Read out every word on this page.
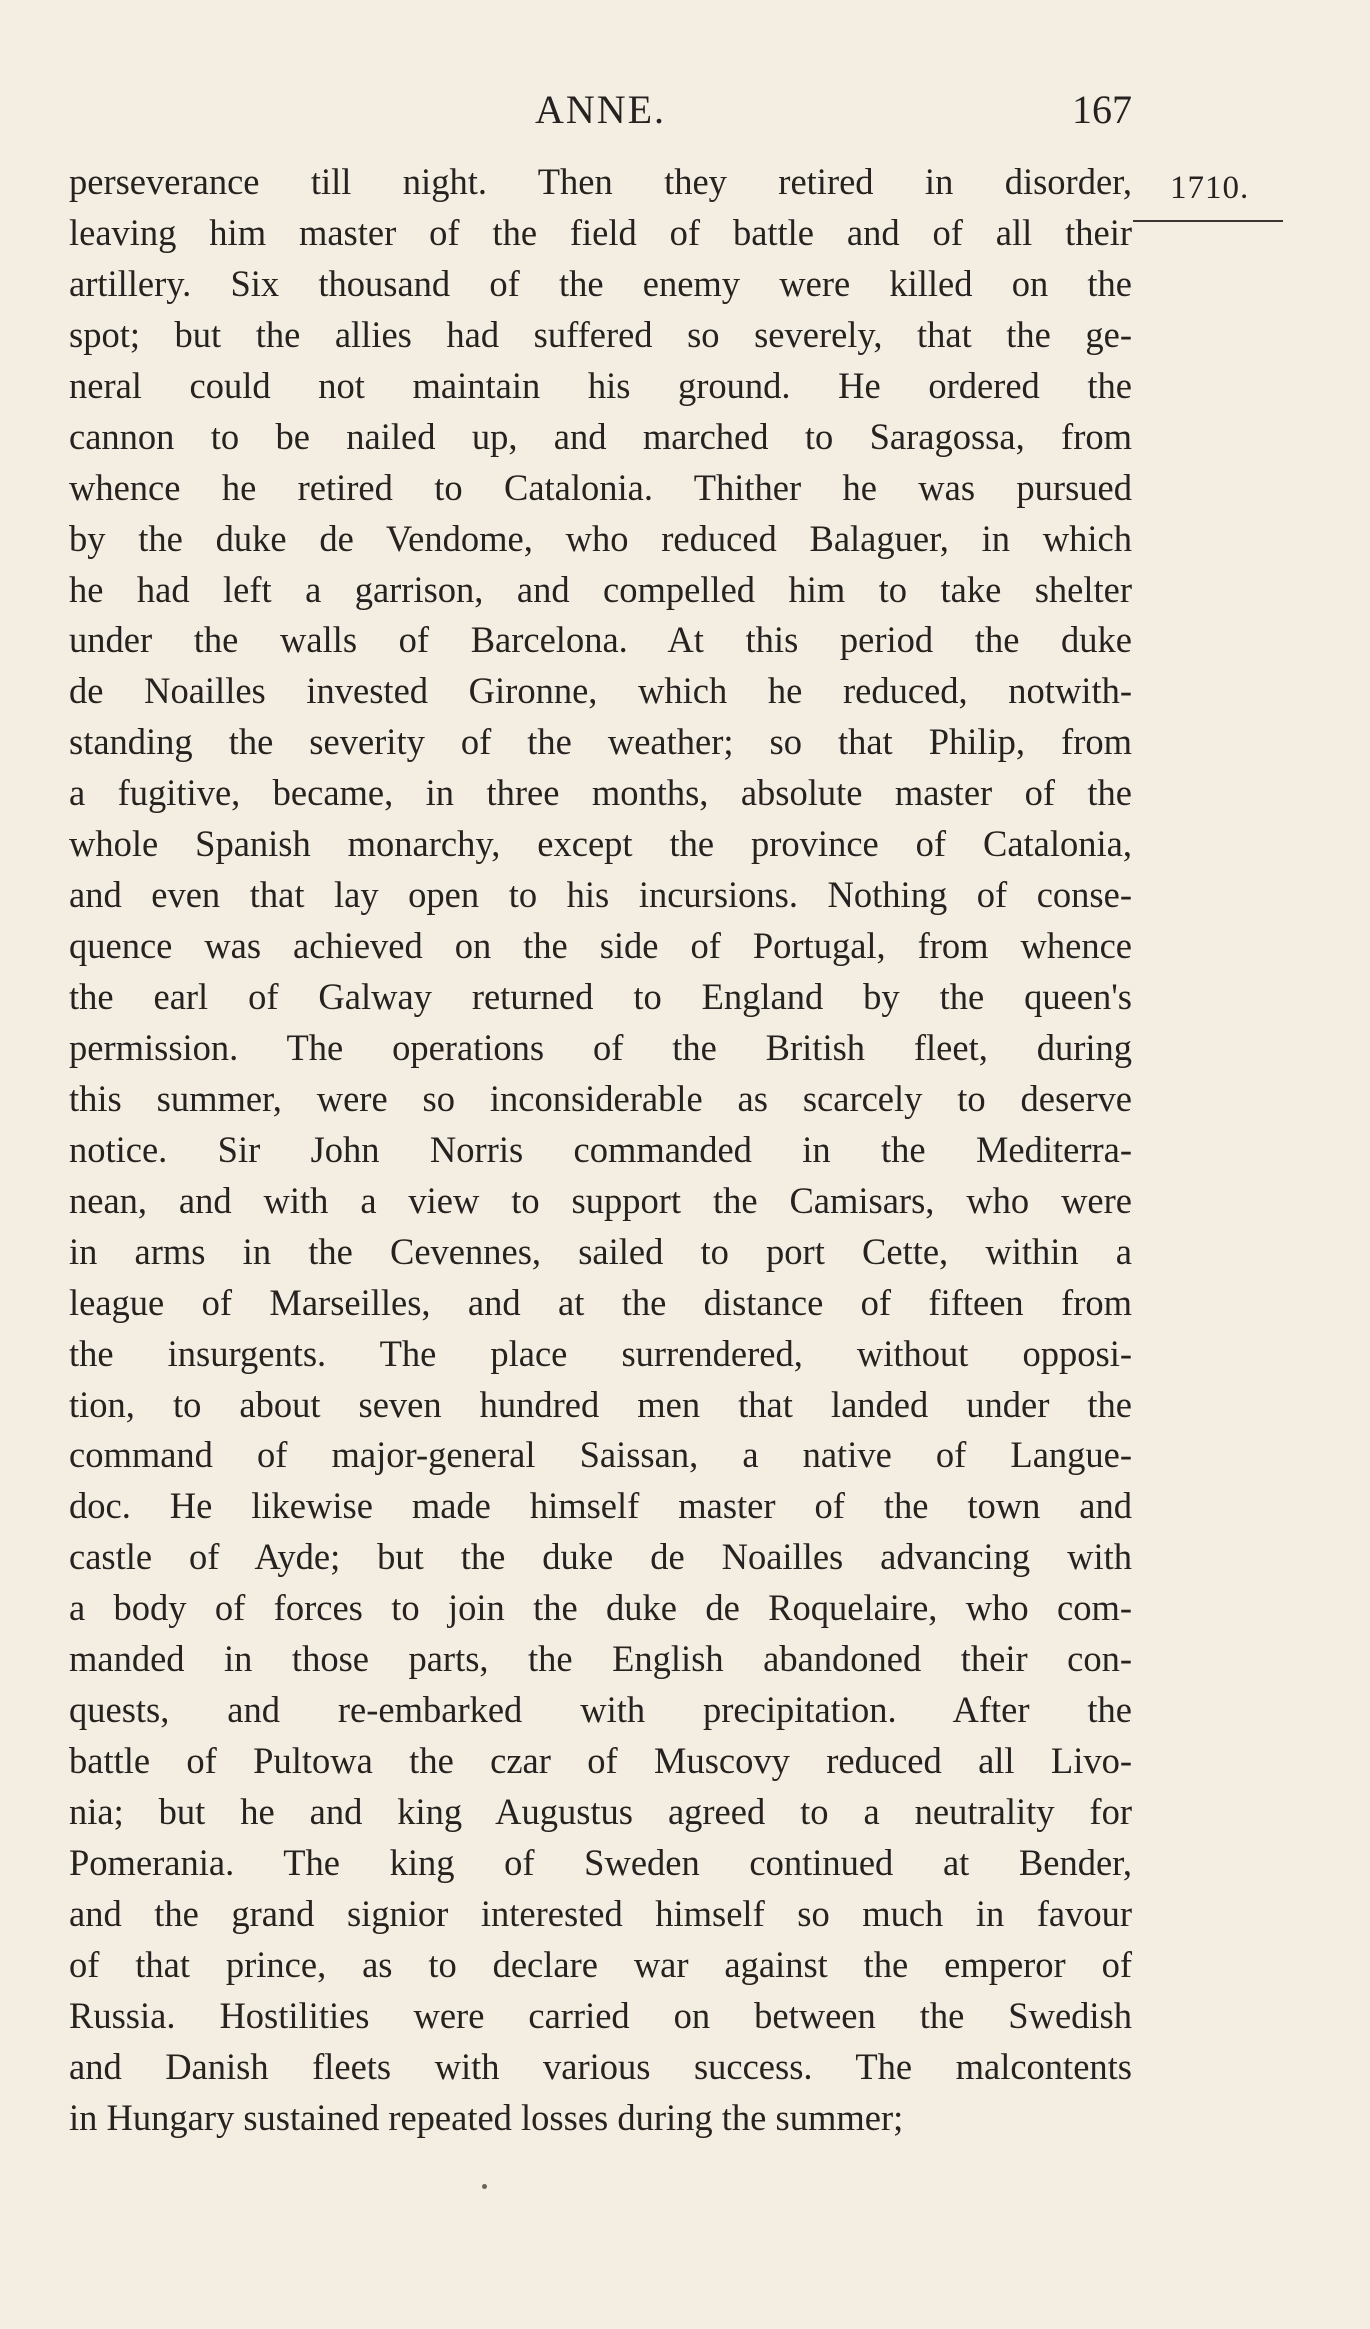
ANNE.	167
1710.
perseverance till night. Then they retired in disorder,
leaving him master of the field of battle and of all their
artillery. Six thousand of the enemy were killed on the
spot; but the allies had suffered so severely, that the ge-
neral could not maintain his ground. He ordered the
cannon to be nailed up, and marched to Saragossa, from
whence he retired to Catalonia. Thither he was pursued
by the duke de Vendome, who reduced Balaguer, in which
he had left a garrison, and compelled him to take shelter
under the walls of Barcelona. At this period the duke
de Noailles invested Gironne, which he reduced, notwith-
standing the severity of the weather; so that Philip, from
a fugitive, became, in three months, absolute master of the
whole Spanish monarchy, except the province of Catalonia,
and even that lay open to his incursions. Nothing of conse-
quence was achieved on the side of Portugal, from whence
the earl of Galway returned to England by the queen's
permission. The operations of the British fleet, during
this summer, were so inconsiderable as scarcely to deserve
notice. Sir John Norris commanded in the Mediterra-
nean, and with a view to support the Camisars, who were
in arms in the Cevennes, sailed to port Cette, within a
league of Marseilles, and at the distance of fifteen from
the insurgents. The place surrendered, without opposi-
tion, to about seven hundred men that landed under the
command of major-general Saissan, a native of Langue-
doc. He likewise made himself master of the town and
castle of Ayde; but the duke de Noailles advancing with
a body of forces to join the duke de Roquelaire, who com-
manded in those parts, the English abandoned their con-
quests, and re-embarked with precipitation. After the
battle of Pultowa the czar of Muscovy reduced all Livo-
nia; but he and king Augustus agreed to a neutrality for
Pomerania. The king of Sweden continued at Bender,
and the grand signior interested himself so much in favour
of that prince, as to declare war against the emperor of
Russia. Hostilities were carried on between the Swedish
and Danish fleets with various success. The malcontents
in Hungary sustained repeated losses during the summer;
